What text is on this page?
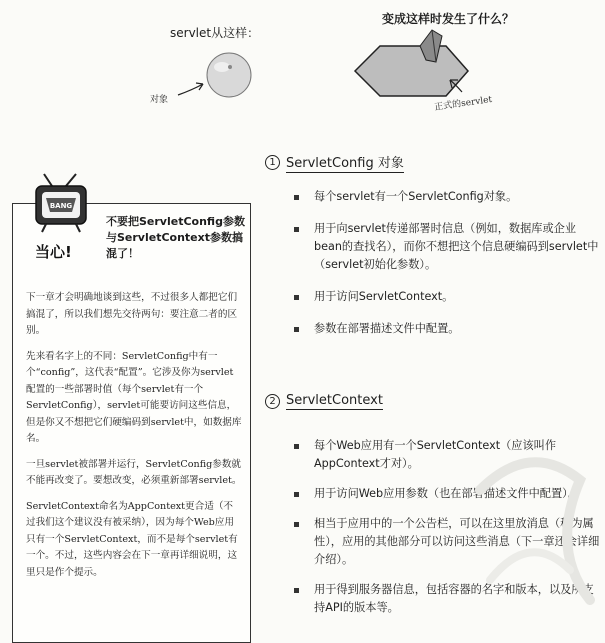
servlet从这样：
变成这样时发生了什么？
对象	正式的servlet
1 ServletConfig 对象
每个servlet有一个ServletConfig对象。
用于向servlet传递部署时信息（例如，数据库或企业bean的查找名），而你不想把这个信息硬编码到servlet中（servlet初始化参数）。
用于访问ServletContext。
参数在部署描述文件中配置。
2 ServletContext
每个Web应用有一个ServletContext（应该叫作AppContext才对）。
用于访问Web应用参数（也在部署描述文件中配置）。
相当于应用中的一个公告栏，可以在这里放消息（称为属性），应用的其他部分可以访问这些消息（下一章还会详细介绍）。
用于得到服务器信息，包括容器的名字和版本，以及所支持API的版本等。
BANG
当心!
不要把ServletConfig参数与ServletContext参数搞混了！

下一章才会明确地谈到这些，不过很多人都把它们搞混了，所以我们想先交待两句：要注意二者的区别。

先来看名字上的不同：ServletConfig中有一个“config”，这代表“配置”。它涉及你为servlet配置的一些部署时值（每个servlet有一个ServletConfig），servlet可能要访问这些信息，但是你又不想把它们硬编码到servlet中，如数据库名。

一旦servlet被部署并运行，ServletConfig参数就不能再改变了。要想改变，必须重新部署servlet。

ServletContext命名为AppContext更合适（不过我们这个建议没有被采纳），因为每个Web应用只有一个ServletContext，而不是每个servlet有一个。不过，这些内容会在下一章再详细说明，这里只是作个提示。
